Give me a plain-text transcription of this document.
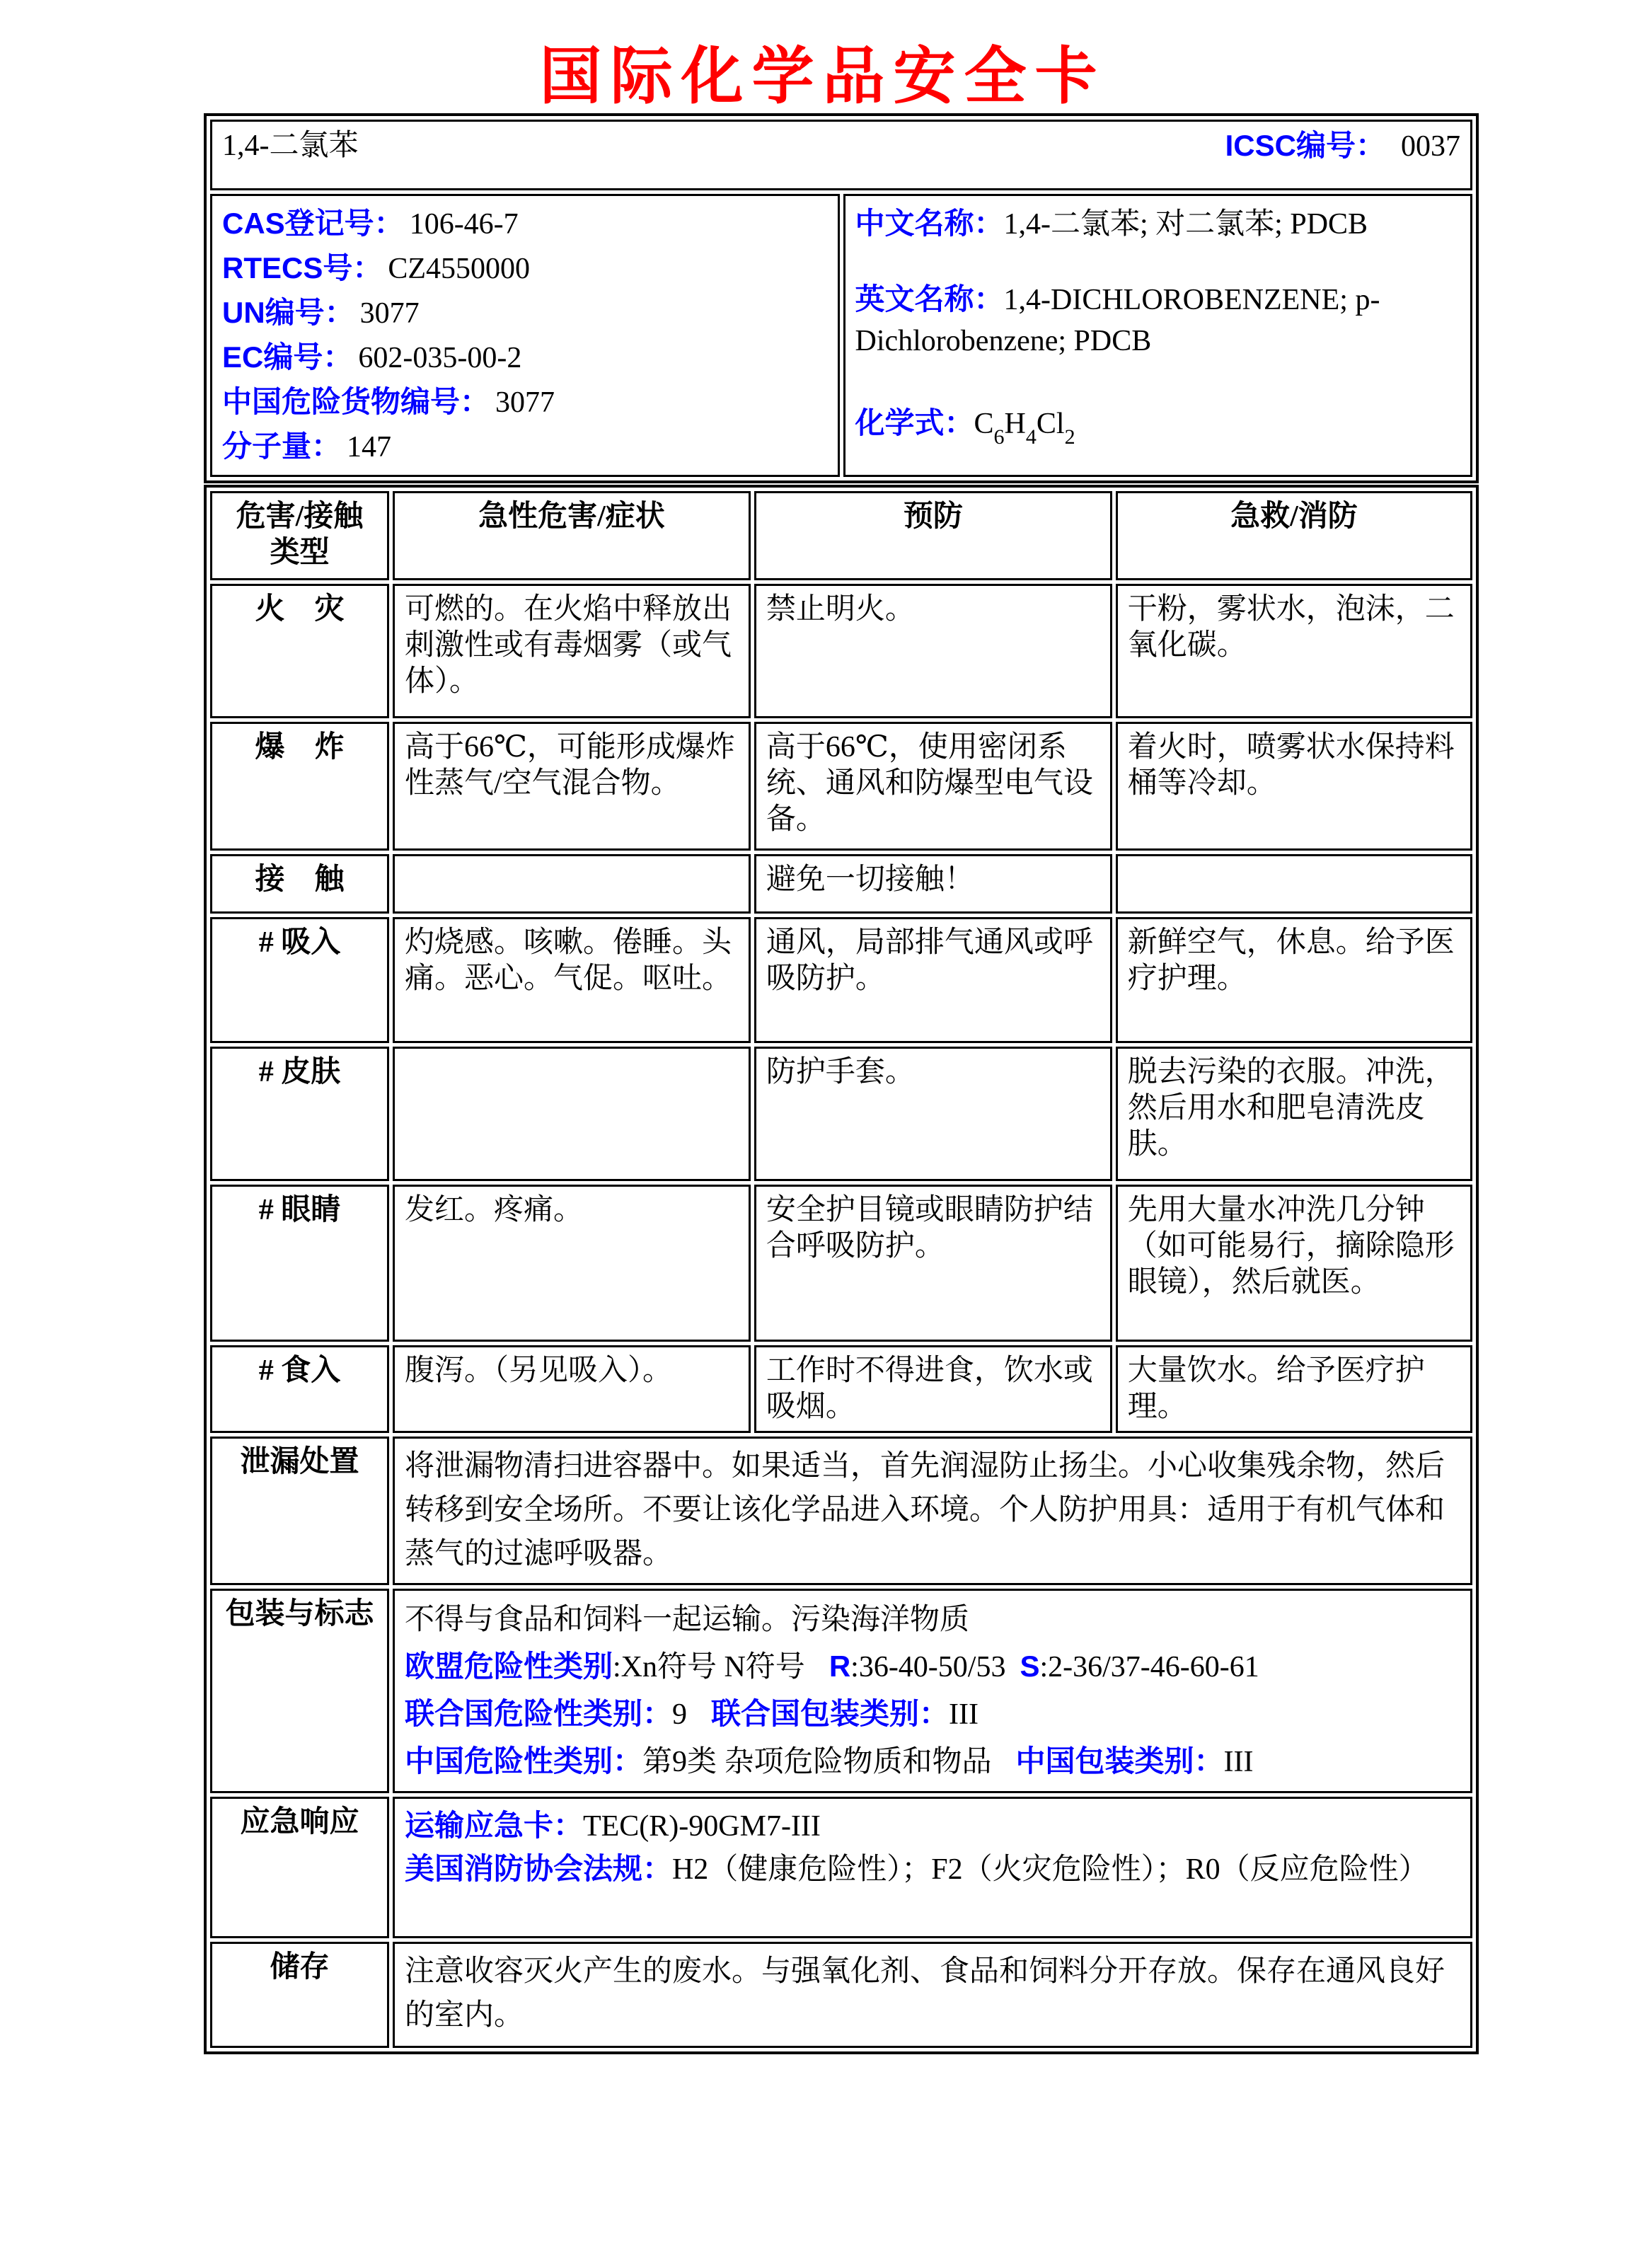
国际化学品安全卡
1,4-二氯苯	ICSC编号： 0037

CAS登记号： 106-46-7
RTECS号： CZ4550000
UN编号： 3077
EC编号： 602-035-00-2
中国危险货物编号： 3077
分子量： 147

中文名称：1,4-二氯苯; 对二氯苯; PDCB
英文名称：1,4-DICHLOROBENZENE; p-Dichlorobenzene; PDCB
化学式：$C_6H_4Cl_2$
危害/接触
类型	急性危害/症状	预防	急救/消防
火　灾	可燃的。在火焰中释放出刺激性或有毒烟雾（或气体）。	禁止明火。	干粉，雾状水，泡沫，二氧化碳。
爆　炸	高于66℃，可能形成爆炸性蒸气/空气混合物。	高于66℃，使用密闭系统、通风和防爆型电气设备。	着火时，喷雾状水保持料桶等冷却。
接　触		避免一切接触！	
# 吸入	灼烧感。咳嗽。倦睡。头痛。恶心。气促。呕吐。	通风，局部排气通风或呼吸防护。	新鲜空气，休息。给予医疗护理。
# 皮肤		防护手套。	脱去污染的衣服。冲洗，然后用水和肥皂清洗皮肤。
# 眼睛	发红。疼痛。	安全护目镜或眼睛防护结合呼吸防护。	先用大量水冲洗几分钟（如可能易行，摘除隐形眼镜），然后就医。
# 食入	腹泻。（另见吸入）。	工作时不得进食，饮水或吸烟。	大量饮水。给予医疗护理。
泄漏处置	将泄漏物清扫进容器中。如果适当，首先润湿防止扬尘。小心收集残余物，然后转移到安全场所。不要让该化学品进入环境。个人防护用具：适用于有机气体和蒸气的过滤呼吸器。		

包装与标志	不得与食品和饲料一起运输。污染海洋物质
欧盟危险性类别:Xn符号 N符号 R:36-40-50/53 S:2-36/37-46-60-61
联合国危险性类别：9 联合国包装类别：III
中国危险性类别：第9类 杂项危险物质和物品 中国包装类别：III		

应急响应	运输应急卡：TEC(R)-90GM7-III
美国消防协会法规：H2（健康危险性）；F2（火灾危险性）；R0（反应危险性）		

储存	注意收容灭火产生的废水。与强氧化剂、食品和饲料分开存放。保存在通风良好的室内。		
